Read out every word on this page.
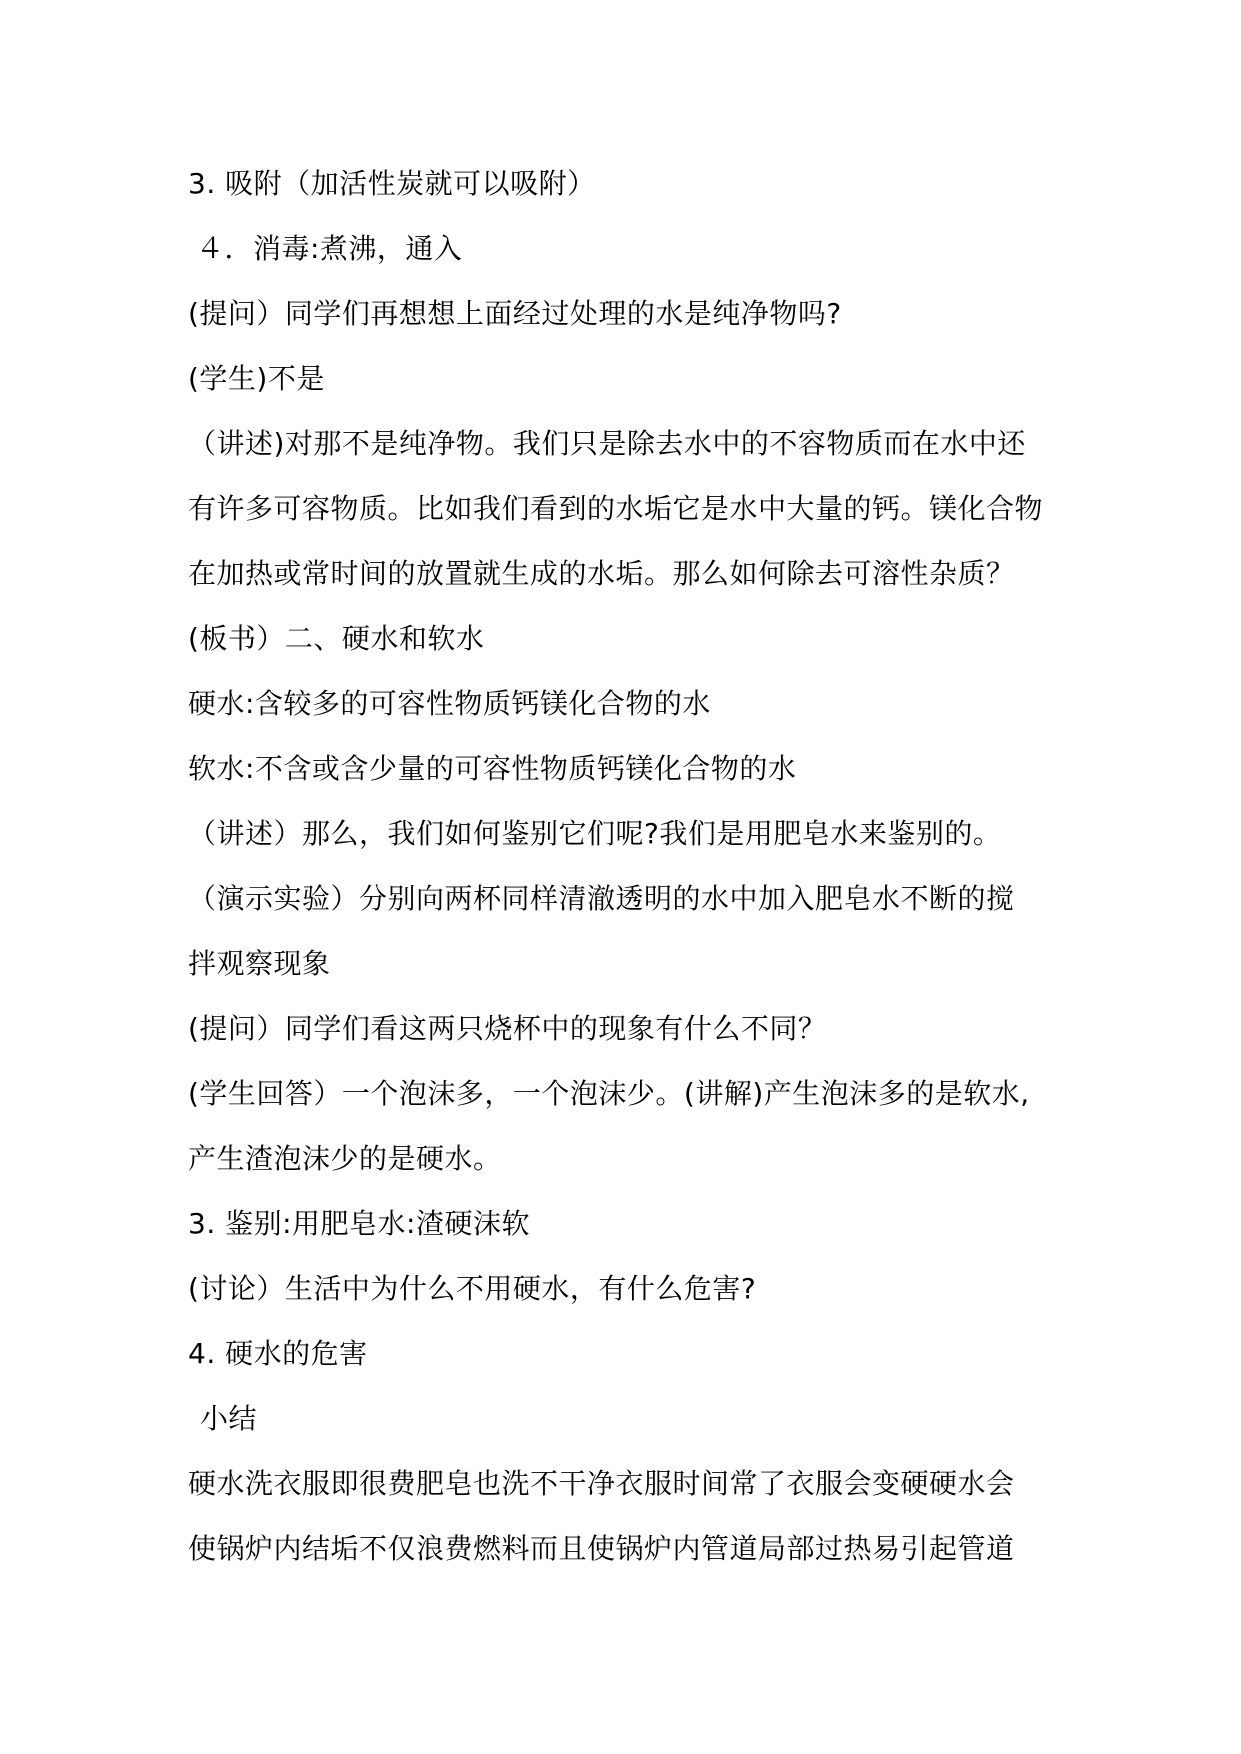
3. 吸附（加活性炭就可以吸附）
４．消毒:煮沸，通入
(提问）同学们再想想上面经过处理的水是纯净物吗?
(学生)不是
（讲述)对那不是纯净物。我们只是除去水中的不容物质而在水中还
有许多可容物质。比如我们看到的水垢它是水中大量的钙。镁化合物
在加热或常时间的放置就生成的水垢。那么如何除去可溶性杂质？
(板书）二、硬水和软水
硬水:含较多的可容性物质钙镁化合物的水
软水:不含或含少量的可容性物质钙镁化合物的水
（讲述）那么，我们如何鉴别它们呢?我们是用肥皂水来鉴别的。
（演示实验）分别向两杯同样清澈透明的水中加入肥皂水不断的搅
拌观察现象
(提问）同学们看这两只烧杯中的现象有什么不同？
(学生回答）一个泡沫多，一个泡沫少。(讲解)产生泡沫多的是软水,
产生渣泡沫少的是硬水。
3. 鉴别:用肥皂水:渣硬沫软
(讨论）生活中为什么不用硬水，有什么危害?
4. 硬水的危害
小结
硬水洗衣服即很费肥皂也洗不干净衣服时间常了衣服会变硬硬水会
使锅炉内结垢不仅浪费燃料而且使锅炉内管道局部过热易引起管道
